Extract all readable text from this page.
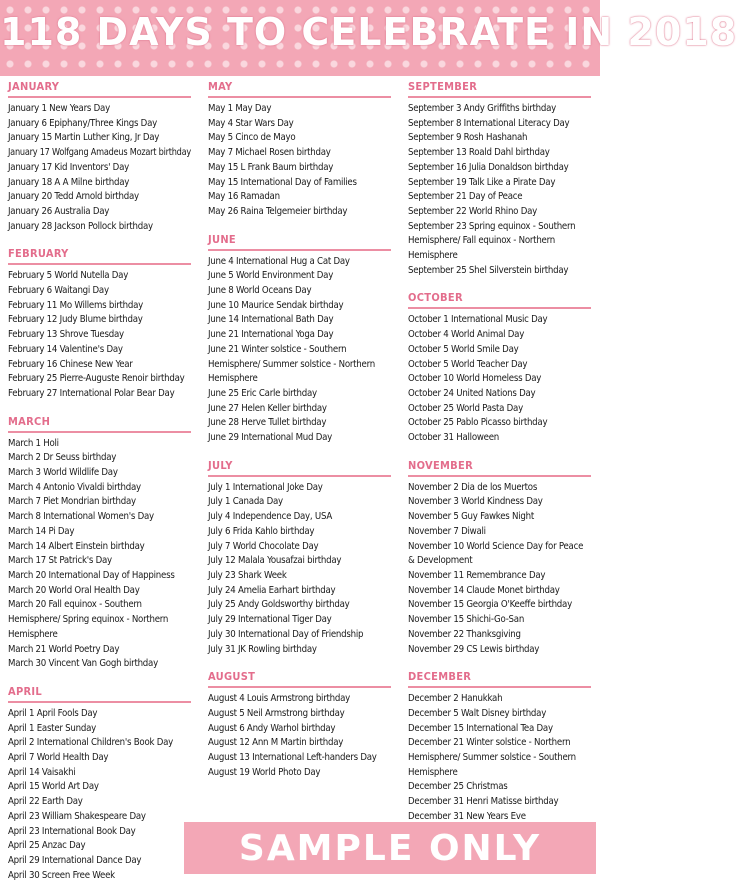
118 DAYS TO CELEBRATE IN 2018
JANUARY
January 1 New Years Day
January 6 Epiphany/Three Kings Day
January 15 Martin Luther King, Jr Day
January 17 Wolfgang Amadeus Mozart birthday
January 17 Kid Inventors' Day
January 18 A A Milne birthday
January 20 Tedd Arnold birthday
January 26 Australia Day
January 28 Jackson Pollock birthday
FEBRUARY
February 5 World Nutella Day
February 6 Waitangi Day
February 11 Mo Willems birthday
February 12 Judy Blume birthday
February 13 Shrove Tuesday
February 14 Valentine's Day
February 16 Chinese New Year
February 25 Pierre-Auguste Renoir birthday
February 27 International Polar Bear Day
MARCH
March 1 Holi
March 2 Dr Seuss birthday
March 3 World Wildlife Day
March 4 Antonio Vivaldi birthday
March 7 Piet Mondrian birthday
March 8 International Women's Day
March 14 Pi Day
March 14 Albert Einstein birthday
March 17 St Patrick's Day
March 20 International Day of Happiness
March 20 World Oral Health Day
March 20 Fall equinox - Southern Hemisphere/ Spring equinox - Northern Hemisphere
March 21 World Poetry Day
March 30 Vincent Van Gogh birthday
APRIL
April 1 April Fools Day
April 1 Easter Sunday
April 2 International Children's Book Day
April 7 World Health Day
April 14 Vaisakhi
April 15 World Art Day
April 22 Earth Day
April 23 William Shakespeare Day
April 23 International Book Day
April 25 Anzac Day
April 29 International Dance Day
April 30 Screen Free Week
MAY
May 1 May Day
May 4 Star Wars Day
May 5 Cinco de Mayo
May 7 Michael Rosen birthday
May 15 L Frank Baum birthday
May 15 International Day of Families
May 16 Ramadan
May 26 Raina Telgemeier birthday
JUNE
June 4 International Hug a Cat Day
June 5 World Environment Day
June 8 World Oceans Day
June 10 Maurice Sendak birthday
June 14 International Bath Day
June 21 International Yoga Day
June 21 Winter solstice - Southern Hemisphere/ Summer solstice - Northern Hemisphere
June 25 Eric Carle birthday
June 27 Helen Keller birthday
June 28 Herve Tullet birthday
June 29 International Mud Day
JULY
July 1 International Joke Day
July 1 Canada Day
July 4 Independence Day, USA
July 6 Frida Kahlo birthday
July 7 World Chocolate Day
July 12 Malala Yousafzai birthday
July 23 Shark Week
July 24 Amelia Earhart birthday
July 25 Andy Goldsworthy birthday
July 29 International Tiger Day
July 30 International Day of Friendship
July 31 JK Rowling birthday
AUGUST
August 4 Louis Armstrong birthday
August 5 Neil Armstrong birthday
August 6 Andy Warhol birthday
August 12 Ann M Martin birthday
August 13 International Left-handers Day
August 19 World Photo Day
SEPTEMBER
September 3 Andy Griffiths birthday
September 8 International Literacy Day
September 9 Rosh Hashanah
September 13 Roald Dahl birthday
September 16 Julia Donaldson birthday
September 19 Talk Like a Pirate Day
September 21 Day of Peace
September 22 World Rhino Day
September 23 Spring equinox - Southern Hemisphere/ Fall equinox - Northern Hemisphere
September 25 Shel Silverstein birthday
OCTOBER
October 1 International Music Day
October 4 World Animal Day
October 5 World Smile Day
October 5 World Teacher Day
October 10 World Homeless Day
October 24 United Nations Day
October 25 World Pasta Day
October 25 Pablo Picasso birthday
October 31 Halloween
NOVEMBER
November 2 Dia de los Muertos
November 3 World Kindness Day
November 5 Guy Fawkes Night
November 7 Diwali
November 10 World Science Day for Peace & Development
November 11 Remembrance Day
November 14 Claude Monet birthday
November 15 Georgia O'Keeffe birthday
November 15 Shichi-Go-San
November 22 Thanksgiving
November 29 CS Lewis birthday
DECEMBER
December 2 Hanukkah
December 5 Walt Disney birthday
December 15 International Tea Day
December 21 Winter solstice - Northern Hemisphere/ Summer solstice - Southern Hemisphere
December 25 Christmas
December 31 Henri Matisse birthday
December 31 New Years Eve
SAMPLE ONLY
